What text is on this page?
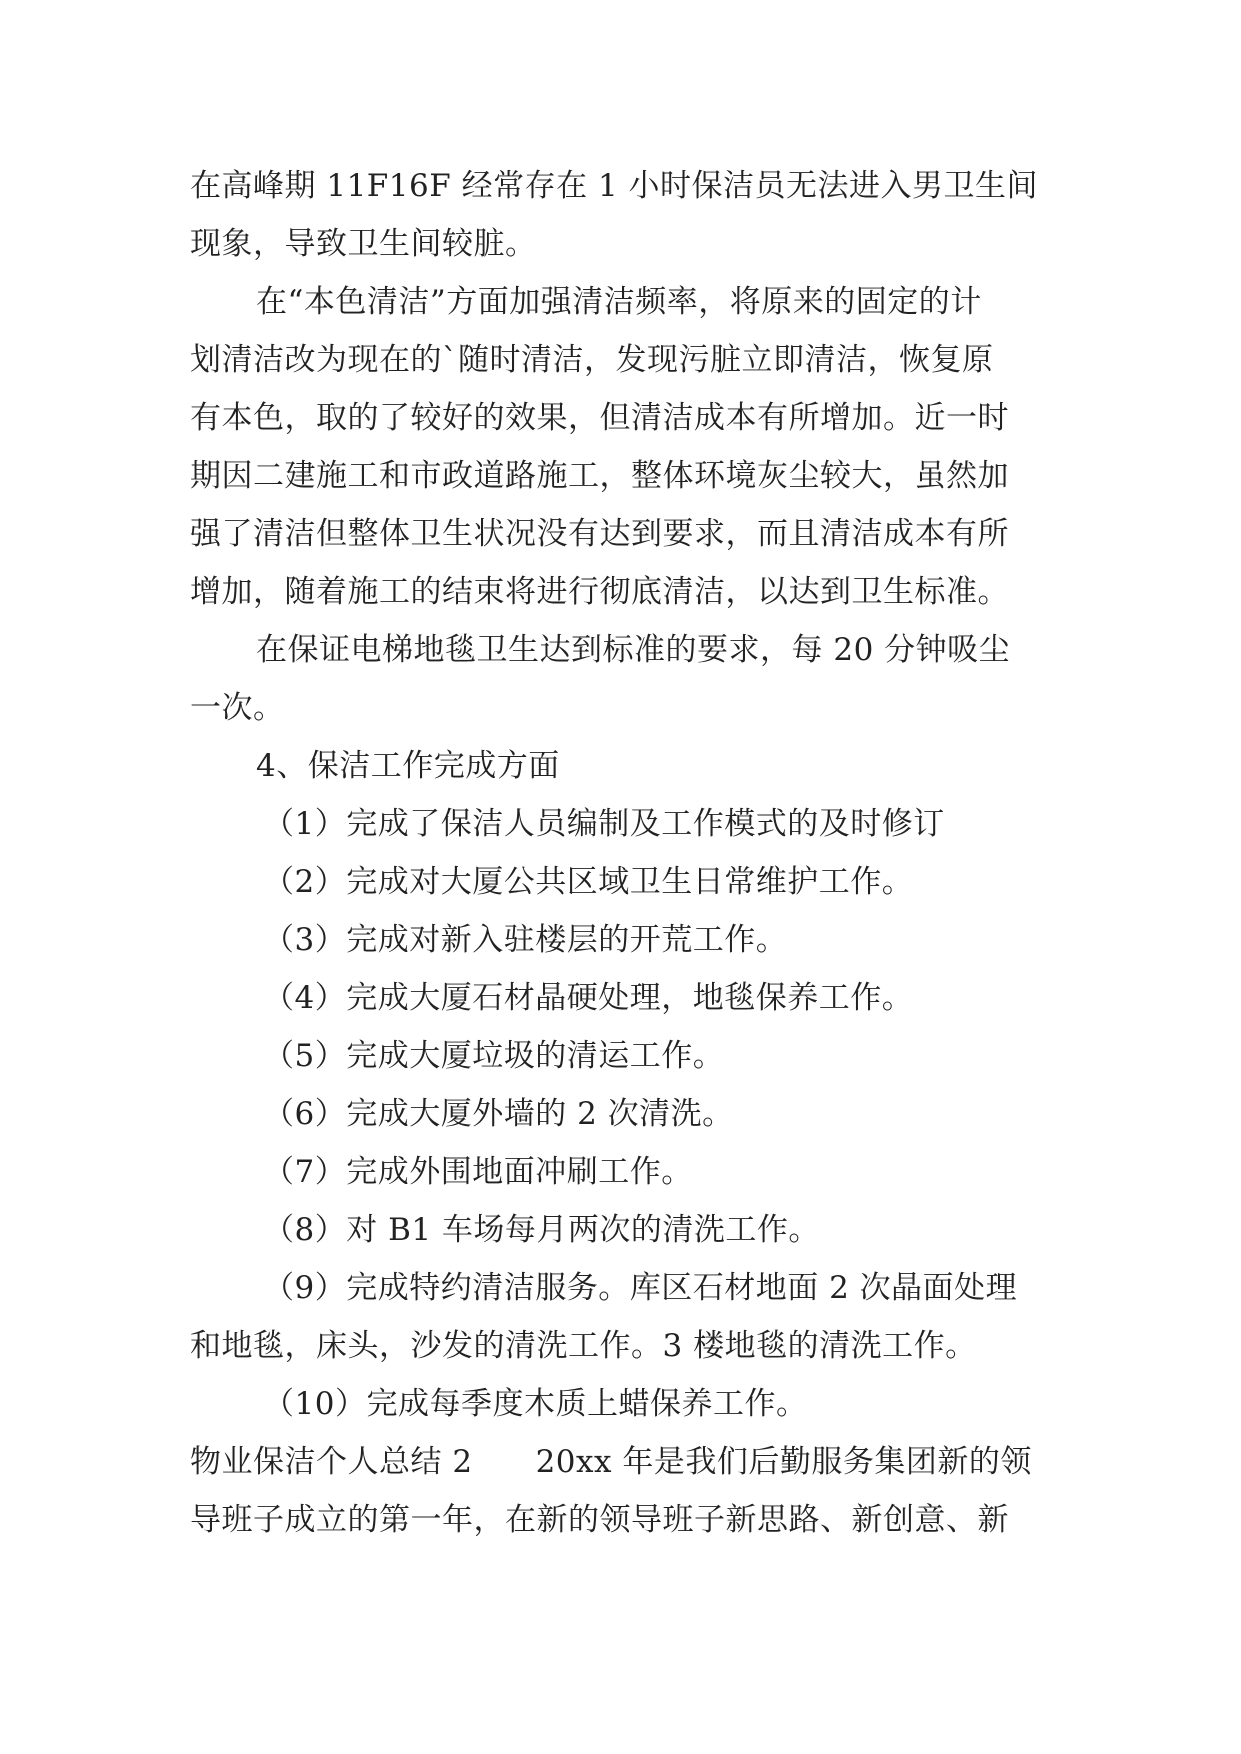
在高峰期 11F16F 经常存在 1 小时保洁员无法进入男卫生间
现象，导致卫生间较脏。
在“本色清洁”方面加强清洁频率，将原来的固定的计
划清洁改为现在的`随时清洁，发现污脏立即清洁，恢复原
有本色，取的了较好的效果，但清洁成本有所增加。近一时
期因二建施工和市政道路施工，整体环境灰尘较大，虽然加
强了清洁但整体卫生状况没有达到要求，而且清洁成本有所
增加，随着施工的结束将进行彻底清洁，以达到卫生标准。
在保证电梯地毯卫生达到标准的要求，每 20 分钟吸尘
一次。
4、保洁工作完成方面
（1）完成了保洁人员编制及工作模式的及时修订
（2）完成对大厦公共区域卫生日常维护工作。
（3）完成对新入驻楼层的开荒工作。
（4）完成大厦石材晶硬处理，地毯保养工作。
（5）完成大厦垃圾的清运工作。
（6）完成大厦外墙的 2 次清洗。
（7）完成外围地面冲刷工作。
（8）对 B1 车场每月两次的清洗工作。
（9）完成特约清洁服务。库区石材地面 2 次晶面处理
和地毯，床头，沙发的清洗工作。3 楼地毯的清洗工作。
（10）完成每季度木质上蜡保养工作。
物业保洁个人总结 2　　20xx 年是我们后勤服务集团新的领
导班子成立的第一年，在新的领导班子新思路、新创意、新
